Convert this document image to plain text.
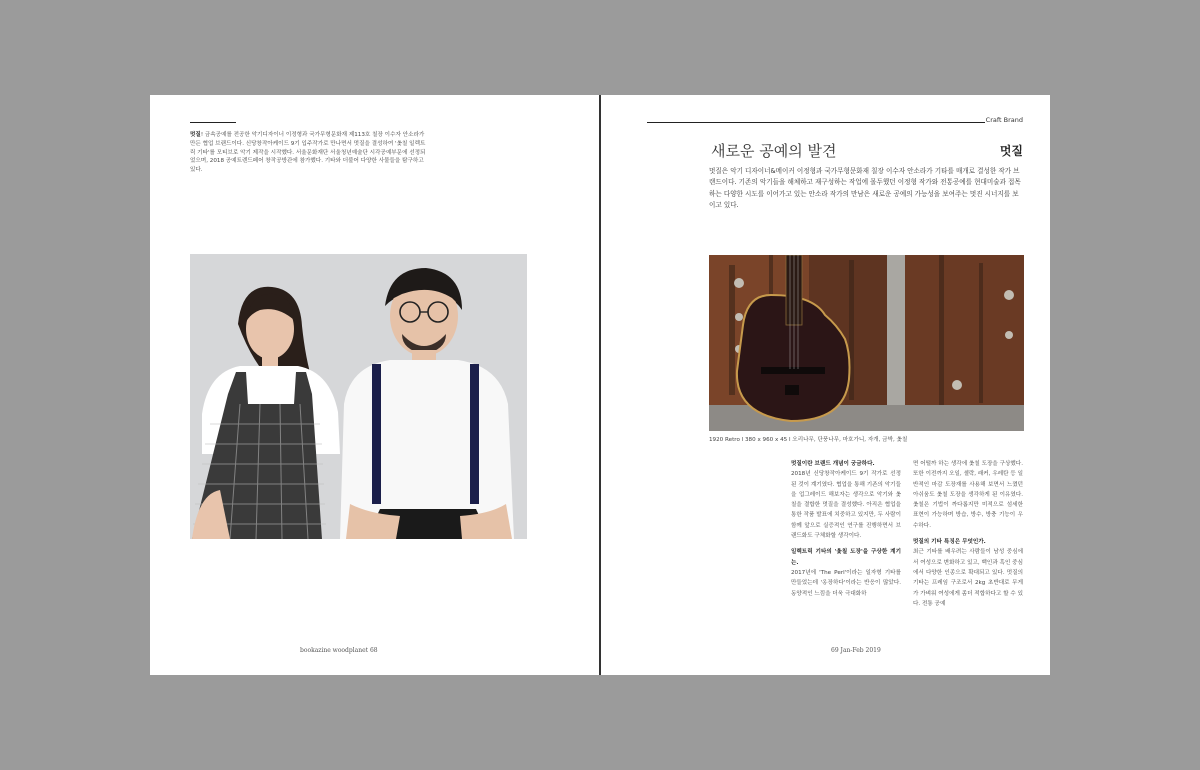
멋질! 금속공예를 전공한 악기디자이너 이정형과 국가무형문화재 제113호 칠장 이수자 안소라가 만든 협업 브랜드이다. 신당창작아케이드 9기 입주작가로 만나면서 멋질을 결성하여 '옻칠 일렉트릭 기타'를 모티브로 악기 제작을 시작했다. 서울문화재단 서울청년예술단 시각공예부문에 선정되었으며, 2018 공예트렌드페어 창작공방관에 참가했다. 기타와 더불어 다양한 사물들을 탐구하고 있다.
bookazine woodplanet 68
Craft Brand
새로운 공예의 발견	멋질
멋질은 악기 디자이너&메이커 이정형과 국가무형문화재 칠장 이수자 안소라가 기타를 매개로 결성한 작가 브랜드이다. 기존의 악기들을 해체하고 재구성하는 작업에 몰두했던 이정형 작가와 전통공예를 현대미술과 접목하는 다양한 시도를 이어가고 있는 안소라 작가의 만남은 새로운 공예의 가능성을 보여주는 멋진 시너지를 보이고 있다.
1920 Retro l 380 x 960 x 45 l 오리나무, 단풍나무, 마호가니, 자개, 금박, 옻칠
멋질이란 브랜드 개념이 궁금하다.

2018년 신당창작아케이드 9기 작가로 선정된 것이 계기였다. 협업을 통해 기존의 악기들을 업그레이드 해보자는 생각으로 악기와 옻칠을 결합한 멋질을 결성했다. 아직은 협업을 통한 작품 발표에 치중하고 있지만, 두 사람이 함께 앞으로 실증적인 연구를 진행하면서 브랜드화도 구체화할 생각이다.

일렉트릭 기타의 '옻칠 도장'을 구상한 계기는.

2017년에 'The Perl'이라는 일자형 기타를 만들었는데 '옹장하다'이라는 반응이 많았다. 동양적인 느낌을 더욱 극대화하

면 어떨까 하는 생각에 옻칠 도장을 구상했다. 또한 이전까지 오일, 셸락, 래커, 우레탄 등 일반적인 마감 도장재를 사용해 보면서 느꼈던 아쉬움도 옻칠 도장을 생각하게 된 이유였다. 옻칠은 기법이 까다롭지만 미적으로 섬세한 표현이 가능하며 방습, 방수, 방충 기능이 우수하다.

멋질의 기타 특징은 무엇인가.

최근 기타를 배우려는 사람들이 남성 중심에서 여성으로 변화하고 있고, 백인과 흑인 중심에서 다양한 인종으로 확대되고 있다. 멋질의 기타는 프레임 구조로서 2kg 초반대로 무게가 가벼워 여성에게 좀더 적합하다고 할 수 있다. 전통 공예

69 Jan-Feb 2019
